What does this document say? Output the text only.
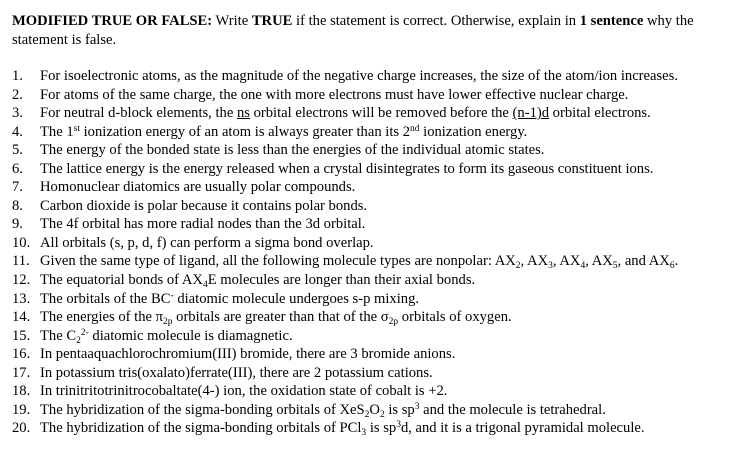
MODIFIED TRUE OR FALSE: Write TRUE if the statement is correct. Otherwise, explain in 1 sentence why the statement is false.
1.	For isoelectronic atoms, as the magnitude of the negative charge increases, the size of the atom/ion increases.
2.	For atoms of the same charge, the one with more electrons must have lower effective nuclear charge.
3.	For neutral d-block elements, the ns orbital electrons will be removed before the (n-1)d orbital electrons.
4.	The 1st ionization energy of an atom is always greater than its 2nd ionization energy.
5.	The energy of the bonded state is less than the energies of the individual atomic states.
6.	The lattice energy is the energy released when a crystal disintegrates to form its gaseous constituent ions.
7.	Homonuclear diatomics are usually polar compounds.
8.	Carbon dioxide is polar because it contains polar bonds.
9.	The 4f orbital has more radial nodes than the 3d orbital.
10. All orbitals (s, p, d, f) can perform a sigma bond overlap.
11. Given the same type of ligand, all the following molecule types are nonpolar: $AX_2$, $AX_3$, $AX_4$, $AX_5$, and $AX_6$.
12. The equatorial bonds of $AX_4E$ molecules are longer than their axial bonds.
13. The orbitals of the BC- diatomic molecule undergoes s-p mixing.
14. The energies of the $\pi_{2p}$ orbitals are greater than that of the $\sigma_{2p}$ orbitals of oxygen.
15. The $C_2^{2-}$ diatomic molecule is diamagnetic.
16. In pentaaquachlorochromium(III) bromide, there are 3 bromide anions.
17. In potassium tris(oxalato)ferrate(III), there are 2 potassium cations.
18. In trinitritotrinitrocobaltate(4-) ion, the oxidation state of cobalt is +2.
19. The hybridization of the sigma-bonding orbitals of $XeS_2O_2$ is $sp^3$ and the molecule is tetrahedral.
20. The hybridization of the sigma-bonding orbitals of PCl$_3$ is $sp^3d$, and it is a trigonal pyramidal molecule.
